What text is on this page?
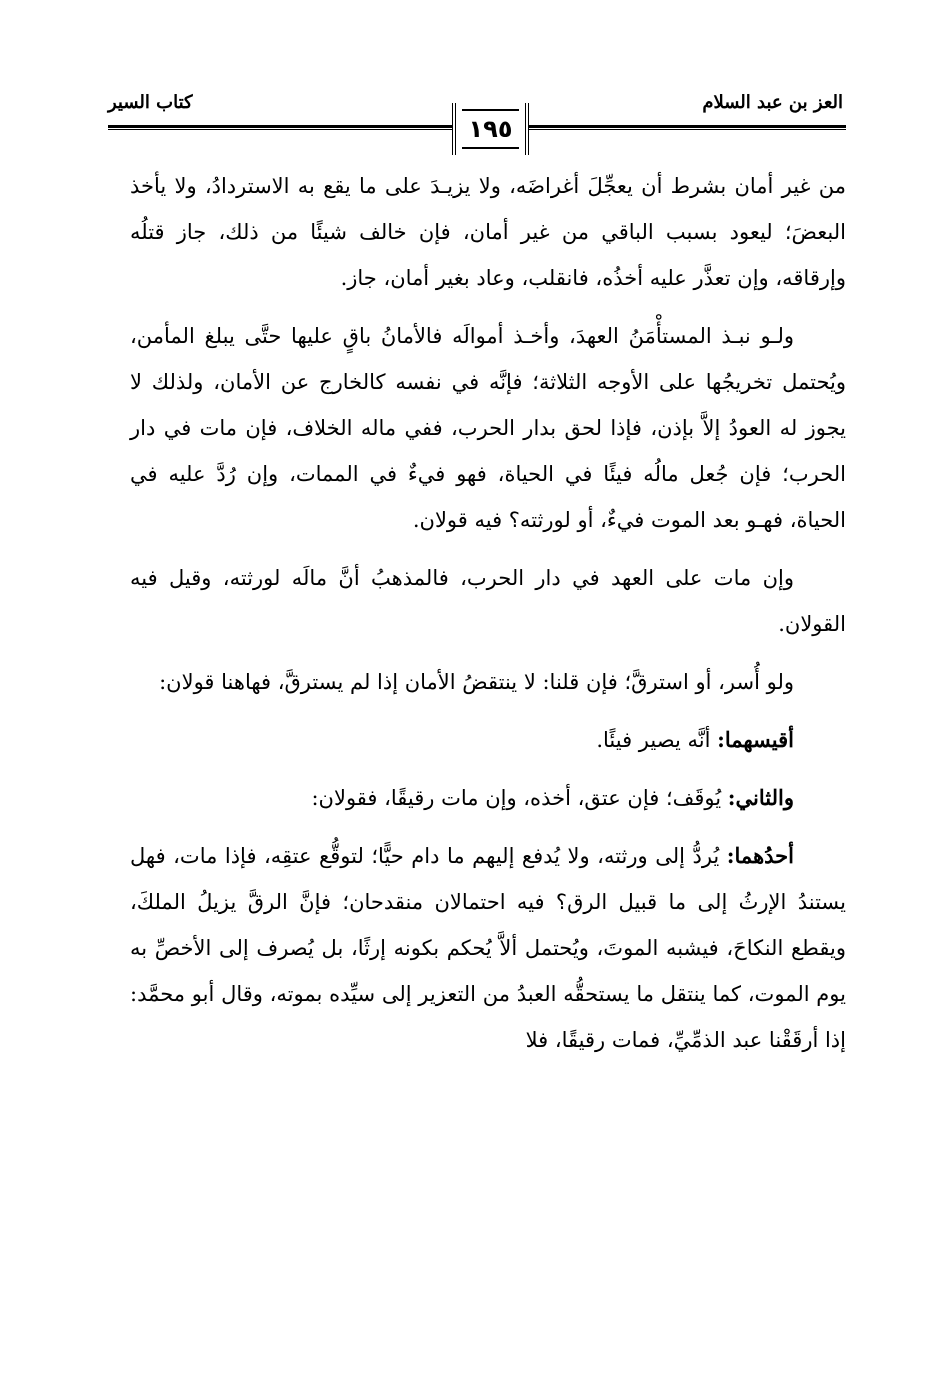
العز بن عبد السلام
كتاب السير
١٩٥

من غير أمان بشرط أن يعجِّلَ أغراضَه، ولا يزيـدَ على ما يقع به الاستردادُ، ولا يأخذ البعضَ؛ ليعود بسبب الباقي من غير أمان، فإن خالف شيئًا من ذلك، جاز قتلُه وإرقاقه، وإن تعذَّر عليه أخذُه، فانقلب، وعاد بغير أمان، جاز.

ولـو نبـذ المستأْمَنُ العهدَ، وأخـذ أموالَه فالأمانُ باقٍ عليها حتَّى يبلغ المأمن، ويُحتمل تخريجُها على الأوجه الثلاثة؛ فإنَّه في نفسه كالخارج عن الأمان، ولذلك لا يجوز له العودُ إلاَّ بإذن، فإذا لحق بدار الحرب، ففي ماله الخلاف، فإن مات في دار الحرب؛ فإن جُعل مالُه فيئًا في الحياة، فهو فيءٌ في الممات، وإن رُدَّ عليه في الحياة، فهـو بعد الموت فيءٌ، أو لورثته؟ فيه قولان.

وإن مات على العهد في دار الحرب، فالمذهبُ أنَّ مالَه لورثته، وقيل فيه القولان.

ولو أُسر، أو استرقَّ؛ فإن قلنا: لا ينتقضُ الأمان إذا لم يسترقَّ، فهاهنا قولان:

أقيسهما: أنَّه يصير فيئًا.

والثاني: يُوقَف؛ فإن عتق، أخذه، وإن مات رقيقًا، فقولان:

أحدُهما: يُردُّ إلى ورثته، ولا يُدفع إليهم ما دام حيًّا؛ لتوقُّع عتقِه، فإذا مات، فهل يستندُ الإرثُ إلى ما قبيل الرق؟ فيه احتمالان منقدحان؛ فإنَّ الرقَّ يزيلُ الملكَ، ويقطع النكاحَ، فيشبه الموتَ، ويُحتمل ألاَّ يُحكم بكونه إرثًا، بل يُصرف إلى الأخصِّ به يوم الموت، كما ينتقل ما يستحقُّه العبدُ من التعزير إلى سيِّده بموته، وقال أبو محمَّد: إذا أرقَقْنا عبد الذمِّيِّ، فمات رقيقًا، فلا
